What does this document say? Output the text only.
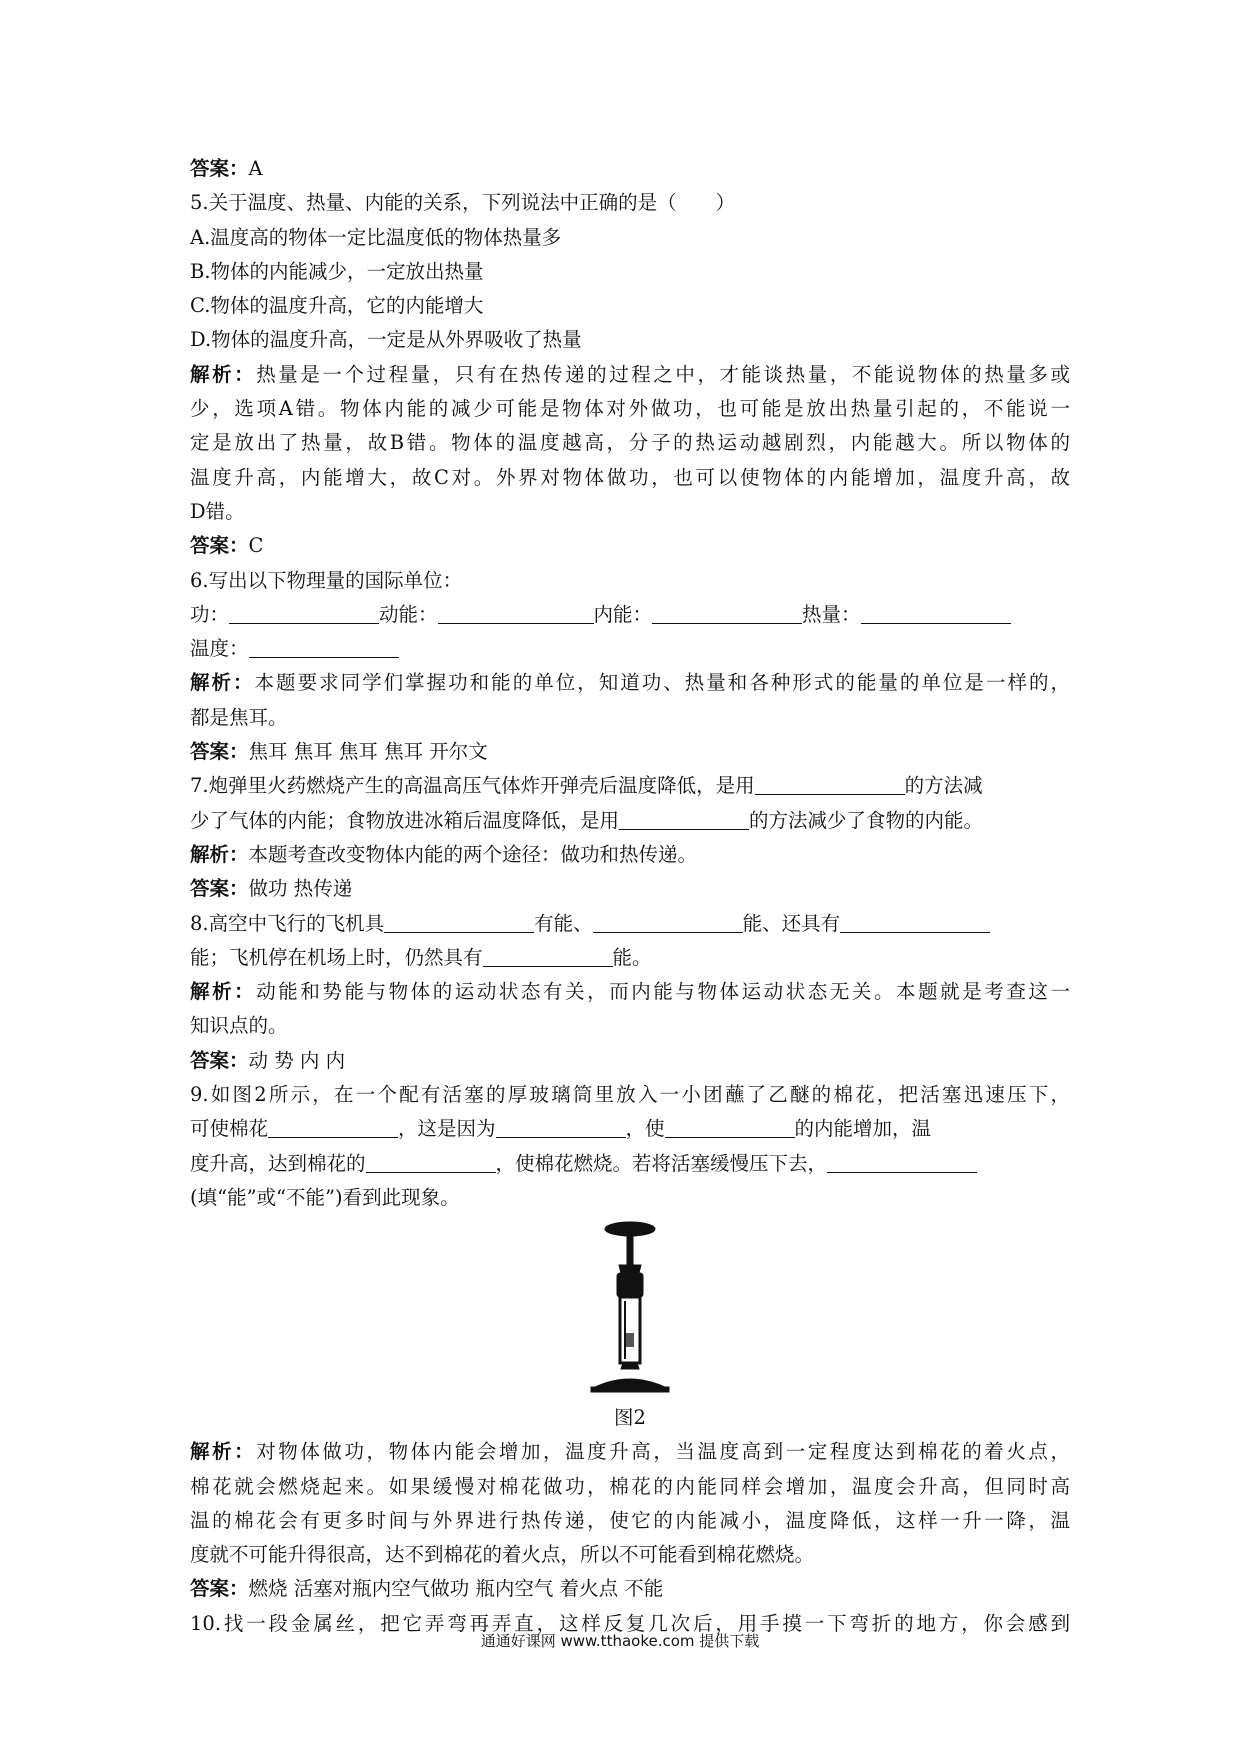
答案：A
5.关于温度、热量、内能的关系，下列说法中正确的是（　　）
A.温度高的物体一定比温度低的物体热量多
B.物体的内能减少，一定放出热量
C.物体的温度升高，它的内能增大
D.物体的温度升高，一定是从外界吸收了热量
解析：热量是一个过程量，只有在热传递的过程之中，才能谈热量，不能说物体的热量多或
少，选项A错。物体内能的减少可能是物体对外做功，也可能是放出热量引起的，不能说一
定是放出了热量，故B错。物体的温度越高，分子的热运动越剧烈，内能越大。所以物体的
温度升高，内能增大，故C对。外界对物体做功，也可以使物体的内能增加，温度升高，故
D错。
答案：C
6.写出以下物理量的国际单位：
功：	动能：	内能：	热量：
温度：
解析：本题要求同学们掌握功和能的单位，知道功、热量和各种形式的能量的单位是一样的，
都是焦耳。
答案：焦耳 焦耳 焦耳 焦耳 开尔文
7.炮弹里火药燃烧产生的高温高压气体炸开弹壳后温度降低，是用	的方法减
少了气体的内能；食物放进冰箱后温度降低，是用	的方法减少了食物的内能。
解析：本题考查改变物体内能的两个途径：做功和热传递。
答案：做功 热传递
8.高空中飞行的飞机具	有能、	能、还具有
能；飞机停在机场上时，仍然具有	能。
解析：动能和势能与物体的运动状态有关，而内能与物体运动状态无关。本题就是考查这一
知识点的。
答案：动 势 内 内
9.如图2所示，在一个配有活塞的厚玻璃筒里放入一小团蘸了乙醚的棉花，把活塞迅速压下，
可使棉花	，这是因为	，使	的内能增加，温
度升高，达到棉花的	，使棉花燃烧。若将活塞缓慢压下去，
(填“能”或“不能”)看到此现象。
图2
解析：对物体做功，物体内能会增加，温度升高，当温度高到一定程度达到棉花的着火点，
棉花就会燃烧起来。如果缓慢对棉花做功，棉花的内能同样会增加，温度会升高，但同时高
温的棉花会有更多时间与外界进行热传递，使它的内能减小，温度降低，这样一升一降，温
度就不可能升得很高，达不到棉花的着火点，所以不可能看到棉花燃烧。
答案：燃烧 活塞对瓶内空气做功 瓶内空气 着火点 不能
10.找一段金属丝，把它弄弯再弄直，这样反复几次后，用手摸一下弯折的地方，你会感到
通通好课网 www.tthaoke.com 提供下载
